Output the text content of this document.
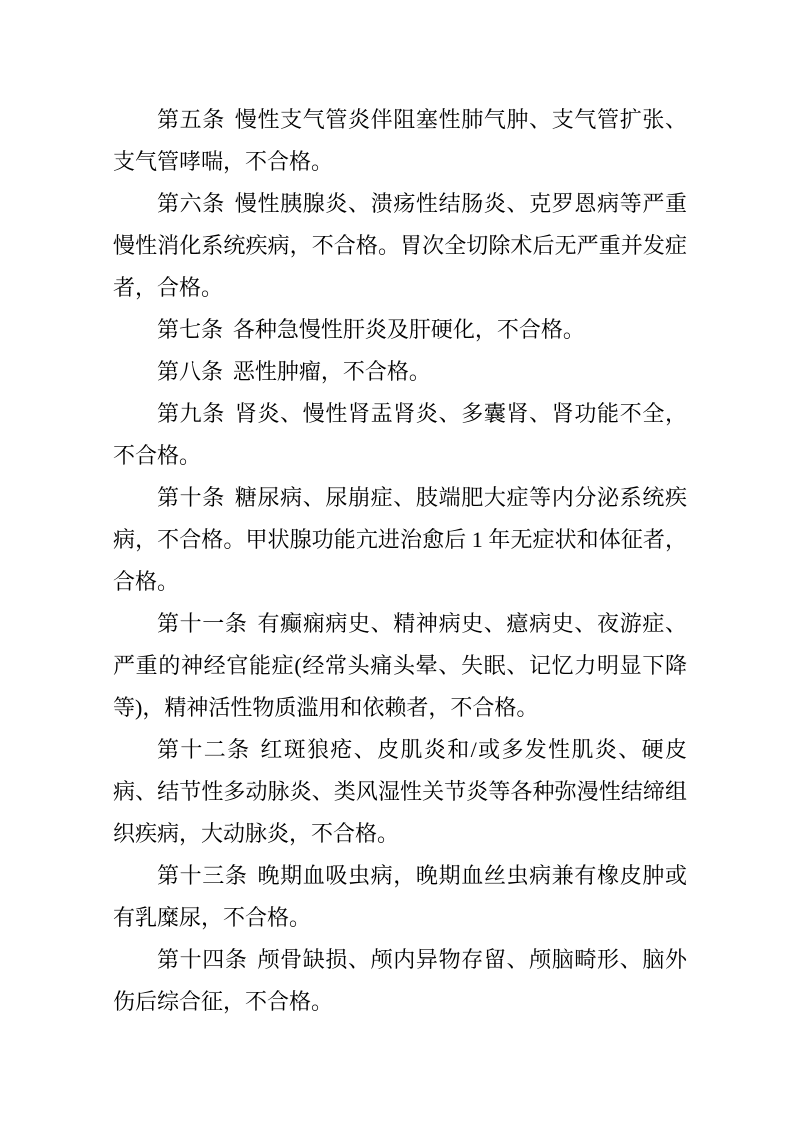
第五条 慢性支气管炎伴阻塞性肺气肿、支气管扩张、支气管哮喘，不合格。

第六条 慢性胰腺炎、溃疡性结肠炎、克罗恩病等严重慢性消化系统疾病，不合格。胃次全切除术后无严重并发症者，合格。

第七条 各种急慢性肝炎及肝硬化，不合格。

第八条 恶性肿瘤，不合格。

第九条 肾炎、慢性肾盂肾炎、多囊肾、肾功能不全，不合格。

第十条 糖尿病、尿崩症、肢端肥大症等内分泌系统疾病，不合格。甲状腺功能亢进治愈后 1 年无症状和体征者，合格。

第十一条 有癫痫病史、精神病史、癔病史、夜游症、严重的神经官能症(经常头痛头晕、失眠、记忆力明显下降等)，精神活性物质滥用和依赖者，不合格。

第十二条 红斑狼疮、皮肌炎和/或多发性肌炎、硬皮病、结节性多动脉炎、类风湿性关节炎等各种弥漫性结缔组织疾病，大动脉炎，不合格。

第十三条 晚期血吸虫病，晚期血丝虫病兼有橡皮肿或有乳糜尿，不合格。

第十四条 颅骨缺损、颅内异物存留、颅脑畸形、脑外伤后综合征，不合格。
